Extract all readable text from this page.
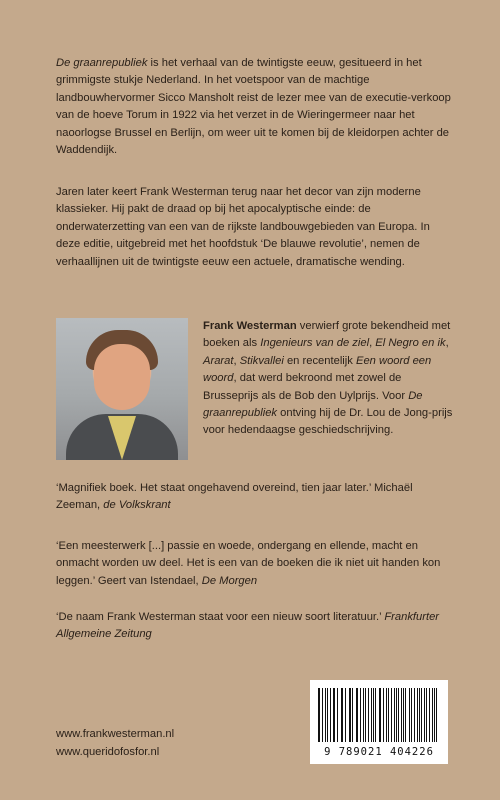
De graanrepubliek is het verhaal van de twintigste eeuw, gesitueerd in het grimmigste stukje Nederland. In het voetspoor van de machtige landbouwhervormer Sicco Mansholt reist de lezer mee van de executie-verkoop van de hoeve Torum in 1922 via het verzet in de Wieringermeer naar het naoorlogse Brussel en Berlijn, om weer uit te komen bij de kleidorpen achter de Waddendijk.

Jaren later keert Frank Westerman terug naar het decor van zijn moderne klassieker. Hij pakt de draad op bij het apocalyptische einde: de onderwaterzetting van een van de rijkste landbouwgebieden van Europa. In deze editie, uitgebreid met het hoofdstuk ‘De blauwe revolutie’, nemen de verhaallijnen uit de twintigste eeuw een actuele, dramatische wending.

Frank Westerman verwierf grote bekendheid met boeken als Ingenieurs van de ziel, El Negro en ik, Ararat, Stikvallei en recentelijk Een woord een woord, dat werd bekroond met zowel de Brusseprijs als de Bob den Uylprijs. Voor De graanrepubliek ontving hij de Dr. Lou de Jong-prijs voor hedendaagse geschiedschrijving.

‘Magnifiek boek. Het staat ongehavend overeind, tien jaar later.’ Michaël Zeeman, de Volkskrant

‘Een meesterwerk [...] passie en woede, ondergang en ellende, macht en onmacht worden uw deel. Het is een van de boeken die ik niet uit handen kon leggen.’ Geert van Istendael, De Morgen

‘De naam Frank Westerman staat voor een nieuw soort literatuur.’ Frankfurter Allgemeine Zeitung

www.frankwesterman.nl
www.querido​fosfor.nl	9 789021 404226
